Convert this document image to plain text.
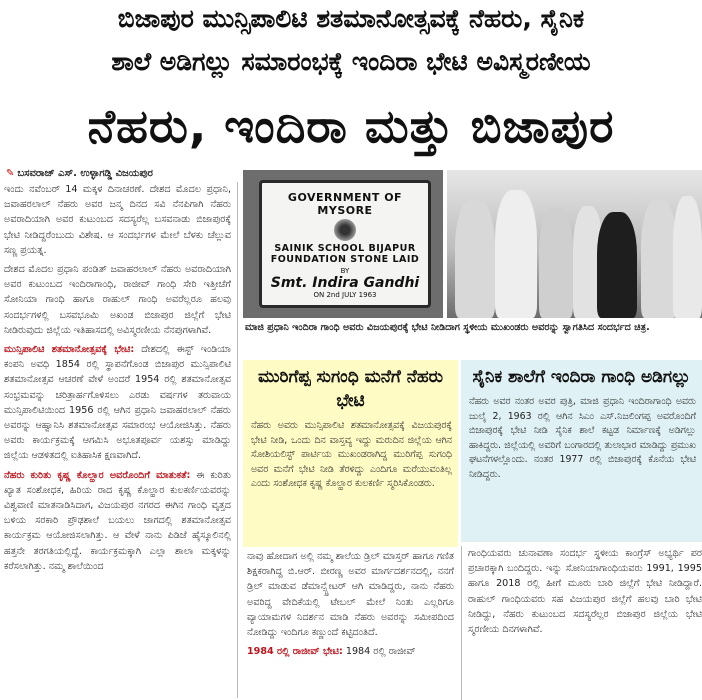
ಬಿಜಾಪುರ ಮುನ್ಸಿಪಾಲಿಟಿ ಶತಮಾನೋತ್ಸವಕ್ಕೆ ನೆಹರು, ಸೈನಿಕ
ಶಾಲೆ ಅಡಿಗಲ್ಲು ಸಮಾರಂಭಕ್ಕೆ ಇಂದಿರಾ ಭೇಟಿ ಅವಿಸ್ಮರಣೀಯ
ನೆಹರು, ಇಂದಿರಾ ಮತ್ತು ಬಿಜಾಪುರ
✎ ಬಸವರಾಜ್ ಎಸ್. ಉಳ್ಳಾಗಡ್ಡಿ ವಿಜಯಪುರ

ಇಂದು ನವೆಂಬರ್ 14 ಮಕ್ಕಳ ದಿನಾಚರಣೆ. ದೇಶದ ಮೊದಲ ಪ್ರಧಾನಿ, ಜವಾಹರಲಾಲ್ ನೆಹರು ಅವರ ಜನ್ಮ ದಿನದ ಸವಿ ನೆನಪಿಗಾಗಿ ನೆಹರು ಅವರಾದಿಯಾಗಿ ಅವರ ಕುಟುಂಬದ ಸದಸ್ಯರೆಲ್ಲ ಬಸವನಾಡು ಬಿಜಾಪುರಕ್ಕೆ ಭೇಟಿ ನೀಡಿದ್ದರೆಂಬುದು ವಿಶೇಷ. ಆ ಸಂದರ್ಭಗಳ ಮೇಲೆ ಬೆಳಕು ಚೆಲ್ಲುವ ಸಣ್ಣ ಪ್ರಯತ್ನ.

ದೇಶದ ಮೊದಲ ಪ್ರಧಾನಿ ಪಂಡಿತ್ ಜವಾಹರಲಾಲ್ ನೆಹರು ಅವರಾದಿಯಾಗಿ ಅವರ ಕುಟುಂಬದ ಇಂದಿರಾಗಾಂಧಿ, ರಾಜೀವ್ ಗಾಂಧಿ ಸೇರಿ ಇತ್ತೀಚೆಗೆ ಸೋನಿಯಾ ಗಾಂಧಿ ಹಾಗೂ ರಾಹುಲ್ ಗಾಂಧಿ ಅವರೆಲ್ಲರೂ ಹಲವು ಸಂದರ್ಭಗಳಲ್ಲಿ ಬಸವಭೂಮಿ ಅಖಂಡ ಬಿಜಾಪುರ ಜಿಲ್ಲೆಗೆ ಭೇಟಿ ನೀಡಿರುವುದು ಜಿಲ್ಲೆಯ ಇತಿಹಾಸದಲ್ಲಿ ಅವಿಸ್ಮರಣೀಯ ನೆನಪುಗಳಾಗಿವೆ.

ಮುನ್ಸಿಪಾಲಿಟಿ ಶತಮಾನೋತ್ಸವಕ್ಕೆ ಭೇಟಿ: ದೇಶದಲ್ಲಿ ಈಸ್ಟ್ ಇಂಡಿಯಾ ಕಂಪನಿ ಅವಧಿ 1854 ರಲ್ಲಿ ಸ್ಥಾಪನೆಗೊಂಡ ಬಿಜಾಪುರ ಮುನ್ಸಿಪಾಲಿಟಿ ಶತಮಾನೋತ್ಸವ ಆಚರಣೆ ವೇಳೆ ಅಂದರೆ 1954 ರಲ್ಲಿ ಶತಮಾನೋತ್ಸವ ಸಂಭ್ರಮವನ್ನು ಚರಿತ್ರಾರ್ಹಗೊಳಿಸಲು ಎರಡು ವರ್ಷಗಳ ತರುವಾಯ ಮುನ್ಸಿಪಾಲಿಟಿಯಿಂದ 1956 ರಲ್ಲಿ ಆಗಿನ ಪ್ರಧಾನಿ ಜವಾಹರಲಾಲ್ ನೆಹರು ಅವರನ್ನು ಆಹ್ವಾನಿಸಿ ಶತಮಾನೋತ್ಸವ ಸಮಾರಂಭ ಆಯೋಜಿಸಿತ್ತು. ನೆಹರು ಅವರು ಕಾರ್ಯಕ್ರಮಕ್ಕೆ ಆಗಮಿಸಿ ಅಭೂತಪೂರ್ವ ಯಶಸ್ಸು ಮಾಡಿದ್ದು ಜಿಲ್ಲೆಯ ಆಡಳಿತದಲ್ಲಿ ಐತಿಹಾಸಿಕ ಕ್ಷಣವಾಗಿದೆ.

ನೆಹರು ಕುರಿತು ಕೃಷ್ಣ ಕೊಲ್ಹಾರ ಅವರೊಂದಿಗೆ ಮಾತುಕತೆ: ಈ ಕುರಿತು ಖ್ಯಾತ ಸಂಶೋಧಕ, ಹಿರಿಯ ರಾದ ಕೃಷ್ಣ ಕೊಲ್ಹಾರ ಕುಲಕರ್ಣಿಯವರನ್ನು ವಿಶ್ವವಾಣಿ ಮಾತನಾಡಿಸಿದಾಗ, ವಿಜಯಪುರ ನಗರದ ಈಗಿನ ಗಾಂಧಿ ವೃತ್ತದ ಬಳಿಯ ಸರಕಾರಿ ಪ್ರೌಢಶಾಲೆ ಬಯಲು ಜಾಗದಲ್ಲಿ ಶತಮಾನೋತ್ಸವ ಕಾರ್ಯಕ್ರಮ ಆಯೋಜಿಸಲಾಗಿತ್ತು. ಆ ವೇಳೆ ನಾನು ಪಿಡಿಜೆ ಹೈಸ್ಕೂಲಿನಲ್ಲಿ ಹತ್ತನೇ ತರಗತಿಯಲ್ಲಿದ್ದೆ. ಕಾರ್ಯಕ್ರಮಕ್ಕಾಗಿ ಎಲ್ಲಾ ಶಾಲಾ ಮಕ್ಕಳನ್ನು ಕರೆಸಲಾಗಿತ್ತು. ನಮ್ಮ ಶಾಲೆಯಿಂದ

GOVERNMENT OF MYSORE
SAINIK SCHOOL BIJAPUR
FOUNDATION STONE LAID
BY
Smt. Indira Gandhi
ON 2nd JULY 1963
ಮಾಜಿ ಪ್ರಧಾನಿ ಇಂದಿರಾ ಗಾಂಧಿ ಅವರು ವಿಜಯಪುರಕ್ಕೆ ಭೇಟಿ ನೀಡಿದಾಗ ಸ್ಥಳೀಯ ಮುಖಂಡರು ಅವರನ್ನು ಸ್ವಾಗತಿಸಿದ ಸಂದರ್ಭದ ಚಿತ್ರ.
ಮುರಿಗೆಪ್ಪ ಸುಗಂಧಿ ಮನೆಗೆ ನೆಹರು ಭೇಟಿ
ನೆಹರು ಅವರು ಮುನ್ಸಿಪಾಲಿಟಿ ಶತಮಾನೋತ್ಸವಕ್ಕೆ ವಿಜಯಪುರಕ್ಕೆ ಭೇಟಿ ನೀಡಿ, ಒಂದು ದಿನ ವಾಸ್ತವ್ಯ ಇದ್ದು ಮರುದಿನ ಜಿಲ್ಲೆಯ ಆಗಿನ ಸೋಶಿಯಲಿಸ್ಟ್ ಪಾರ್ಟಿಯ ಮುಖಂಡರಾಗಿದ್ದ ಮುರಿಗೆಪ್ಪ ಸುಗಂಧಿ ಅವರ ಮನೆಗೆ ಭೇಟಿ ನೀಡಿ ತೆರಳಿದ್ದು ಎಂದಿಗೂ ಮರೆಯುವಂತಿಲ್ಲ ಎಂದು ಸಂಶೋಧಕ ಕೃಷ್ಣ ಕೊಲ್ಹಾರ ಕುಲಕರ್ಣಿ ಸ್ಮರಿಸಿಕೊಂಡರು.
ಸೈನಿಕ ಶಾಲೆಗೆ ಇಂದಿರಾ ಗಾಂಧಿ ಅಡಿಗಲ್ಲು
ನೆಹರು ಅವರ ನಂತರ ಅವರ ಪುತ್ರಿ, ಮಾಜಿ ಪ್ರಧಾನಿ ಇಂದಿರಾಗಾಂಧಿ ಅವರು ಜುಲೈ 2, 1963 ರಲ್ಲಿ ಆಗಿನ ಸಿಎಂ ಎಸ್.ನಿಜಲಿಂಗಪ್ಪ ಅವರೊಂದಿಗೆ ಬಿಜಾಪುರಕ್ಕೆ ಭೇಟಿ ನೀಡಿ ಸೈನಿಕ ಶಾಲೆ ಕಟ್ಟಡ ನಿರ್ಮಾಣಕ್ಕೆ ಅಡಿಗಲ್ಲು ಹಾಕಿದ್ದರು. ಜಿಲ್ಲೆಯಲ್ಲಿ ಅವರಿಗೆ ಬಂಗಾರದಲ್ಲಿ ತುಲಾಭಾರ ಮಾಡಿದ್ದು ಪ್ರಮುಖ ಘಟನೆಗಳಲ್ಲೊಂದು. ನಂತರ 1977 ರಲ್ಲಿ ಬಿಜಾಪುರಕ್ಕೆ ಕೊನೆಯ ಭೇಟಿ ನೀಡಿದ್ದರು.

ನಾವು ಹೋದಾಗ ಅಲ್ಲಿ ನಮ್ಮ ಶಾಲೆಯ ಡ್ರಿಲ್ ಮಾಸ್ತರ್ ಹಾಗೂ ಗಣಿತ ಶಿಕ್ಷಕರಾಗಿದ್ದ ಬಿ.ಆರ್. ಬೀರಣ್ಣ ಅವರ ಮಾರ್ಗದರ್ಶನದಲ್ಲಿ, ನನಗೆ ಡ್ರಿಲ್ ಮಾಡುವ ಡೆಮಾನ್ಸ್ಟ್ರೇಟರ್ ಆಗಿ ಮಾಡಿದ್ದರು, ನಾನು ನೆಹರು ಅವರಿದ್ದ ವೇದಿಕೆಯಲ್ಲಿ ಟೇಬಲ್ ಮೇಲೆ ನಿಂತು ಎಲ್ಲರಿಗೂ ವ್ಯಾಯಾಮಗಳ ನಿದರ್ಶನ ಮಾಡಿ ನೆಹರು ಅವರನ್ನು ಸಮೀಪದಿಂದ ನೋಡಿದ್ದು ಇಂದಿಗೂ ಕಣ್ಣುಂದೆ ಕಟ್ಟಿದಂತಿದೆ.

1984 ರಲ್ಲಿ ರಾಜೀವ್ ಭೇಟಿ: 1984 ರಲ್ಲಿ ರಾಜೀವ್

ಗಾಂಧಿಯವರು ಚುನಾವಣಾ ಸಂದರ್ಭ ಸ್ಥಳೀಯ ಕಾಂಗ್ರೆಸ್ ಅಭ್ಯರ್ಥಿ ಪರ ಪ್ರಚಾರಕ್ಕಾಗಿ ಬಂದಿದ್ದರು. ಇನ್ನು ಸೋನಿಯಾಗಾಂಧಿಯವರು 1991, 1995 ಹಾಗೂ 2018 ರಲ್ಲಿ ಹೀಗೆ ಮೂರು ಬಾರಿ ಜಿಲ್ಲೆಗೆ ಭೇಟಿ ನೀಡಿದ್ದಾರೆ. ರಾಹುಲ್ ಗಾಂಧಿಯವರು ಸಹ ವಿಜಯಪುರ ಜಿಲ್ಲೆಗೆ ಹಲವು ಬಾರಿ ಭೇಟಿ ನೀಡಿದ್ದು, ನೆಹರು ಕುಟುಂಬದ ಸದಸ್ಯರೆಲ್ಲರ ಬಿಜಾಪುರ ಜಿಲ್ಲೆಯ ಭೇಟಿ ಸ್ಮರಣೀಯ ದಿನಗಳಾಗಿವೆ.
